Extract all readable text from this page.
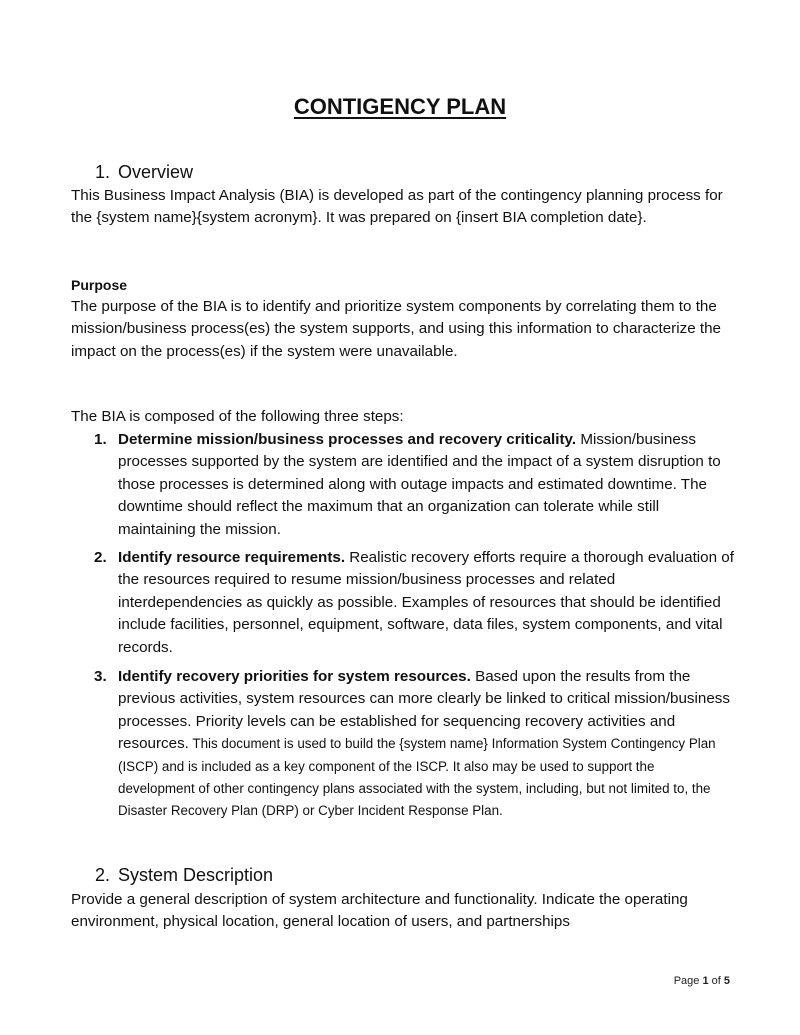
CONTIGENCY PLAN
1. Overview

This Business Impact Analysis (BIA) is developed as part of the contingency planning process for the {system name}{system acronym}. It was prepared on {insert BIA completion date}.

Purpose

The purpose of the BIA is to identify and prioritize system components by correlating them to the mission/business process(es) the system supports, and using this information to characterize the impact on the process(es) if the system were unavailable.

The BIA is composed of the following three steps:
1. Determine mission/business processes and recovery criticality. Mission/business processes supported by the system are identified and the impact of a system disruption to those processes is determined along with outage impacts and estimated downtime. The downtime should reflect the maximum that an organization can tolerate while still maintaining the mission.
2. Identify resource requirements. Realistic recovery efforts require a thorough evaluation of the resources required to resume mission/business processes and related interdependencies as quickly as possible. Examples of resources that should be identified include facilities, personnel, equipment, software, data files, system components, and vital records.
3. Identify recovery priorities for system resources. Based upon the results from the previous activities, system resources can more clearly be linked to critical mission/business processes. Priority levels can be established for sequencing recovery activities and resources. This document is used to build the {system name} Information System Contingency Plan (ISCP) and is included as a key component of the ISCP. It also may be used to support the development of other contingency plans associated with the system, including, but not limited to, the Disaster Recovery Plan (DRP) or Cyber Incident Response Plan.
2. System Description

Provide a general description of system architecture and functionality. Indicate the operating environment, physical location, general location of users, and partnerships

Page 1 of 5
